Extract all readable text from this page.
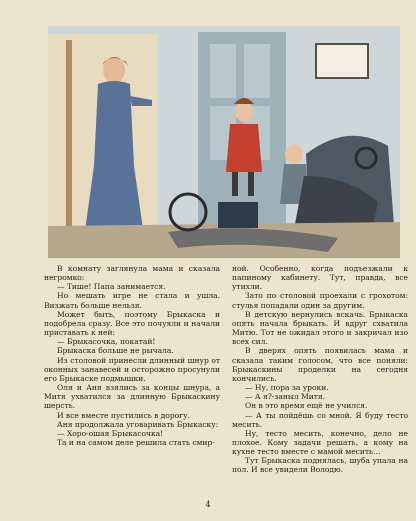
В комнату заглянула мама и сказала негромко:

— Тише! Папа занимается.

Но мешать игре не стала и ушла. Визжать больше нельзя.

Может быть, поэтому Брыкаска и подобрела сразу. Все это почуяли и начали приставать к ней:

— Брыкасочка, покатай!

Брыкаска больше не рычала.

Из столовой принесли длинный шнур от оконных занавесей и осторожно просунули его Брыкаске подмышки.

Оля и Аня взялись за концы шнура, а Митя ухватился за длинную Брыкаскину шерсть.

И все вместе пустились в дорогу.

Аня продолжала уговаривать Брыкаску:

— Хоро-ошая Брыкасочка!

Та и на самом деле решила стать смир-

ной. Особенно, когда подъезжали к папиному кабинету. Тут, правда, все утихли.

Зато по столовой проехали с грохотом: стулья попадали один за другим.

В детскую вернулись вскачь. Брыкаска опять начала брыкать. И вдруг схватила Митю. Тот не ожидал этого и закричал изо всех сил.

В дверях опять появилась мама и сказала таким голосом, что все поняли: Брыкаскины проделки на сегодня кончились.

— Ну, пора за уроки.

— А я?-заныл Митя.

Он в это время ещё не учился.

— А ты пойдёшь со мной. Я буду тесто месить.

Ну, тесто месить, конечно, дело не плохое. Кому задачи решать, а кому на кухне тесто вместе с мамой месить…

Тут Брыкаска поднялась, шуба упала на пол. И все увидели Володю.

4
